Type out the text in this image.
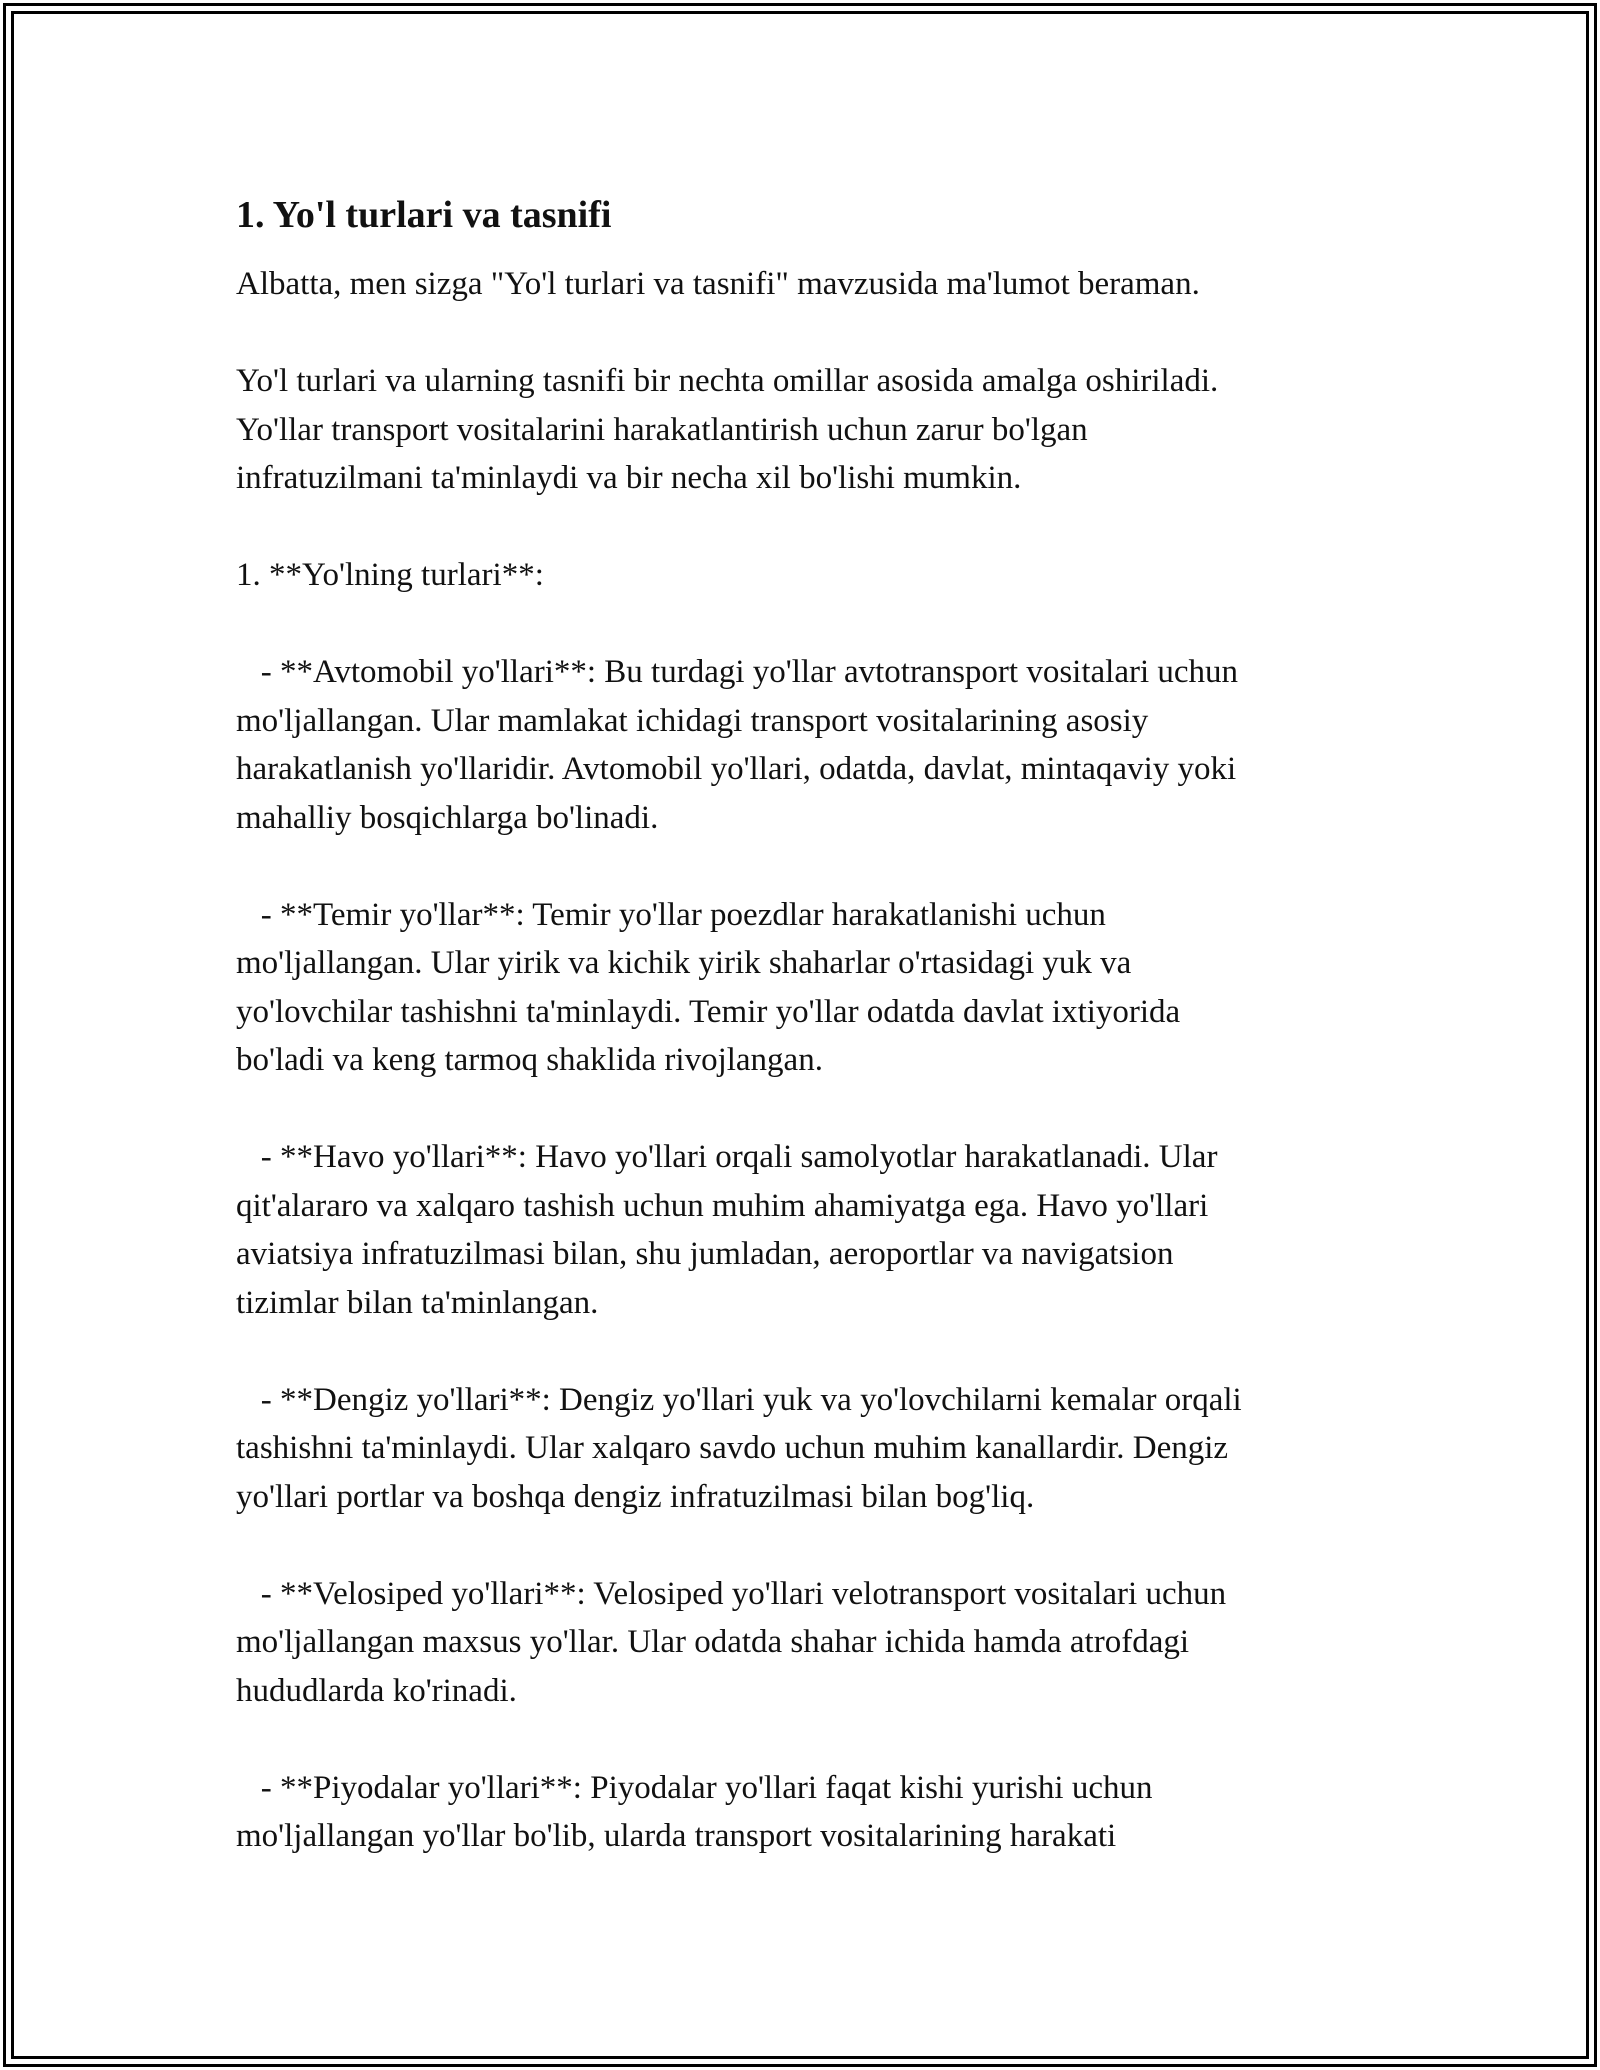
1. Yo'l turlari va tasnifi
Albatta, men sizga "Yo'l turlari va tasnifi" mavzusida ma'lumot beraman.
Yo'l turlari va ularning tasnifi bir nechta omillar asosida amalga oshiriladi.
Yo'llar transport vositalarini harakatlantirish uchun zarur bo'lgan
infratuzilmani ta'minlaydi va bir necha xil bo'lishi mumkin.
1. **Yo'lning turlari**:
- **Avtomobil yo'llari**: Bu turdagi yo'llar avtotransport vositalari uchun
mo'ljallangan. Ular mamlakat ichidagi transport vositalarining asosiy
harakatlanish yo'llaridir. Avtomobil yo'llari, odatda, davlat, mintaqaviy yoki
mahalliy bosqichlarga bo'linadi.
- **Temir yo'llar**: Temir yo'llar poezdlar harakatlanishi uchun
mo'ljallangan. Ular yirik va kichik yirik shaharlar o'rtasidagi yuk va
yo'lovchilar tashishni ta'minlaydi. Temir yo'llar odatda davlat ixtiyorida
bo'ladi va keng tarmoq shaklida rivojlangan.
- **Havo yo'llari**: Havo yo'llari orqali samolyotlar harakatlanadi. Ular
qit'alararo va xalqaro tashish uchun muhim ahamiyatga ega. Havo yo'llari
aviatsiya infratuzilmasi bilan, shu jumladan, aeroportlar va navigatsion
tizimlar bilan ta'minlangan.
- **Dengiz yo'llari**: Dengiz yo'llari yuk va yo'lovchilarni kemalar orqali
tashishni ta'minlaydi. Ular xalqaro savdo uchun muhim kanallardir. Dengiz
yo'llari portlar va boshqa dengiz infratuzilmasi bilan bog'liq.
- **Velosiped yo'llari**: Velosiped yo'llari velotransport vositalari uchun
mo'ljallangan maxsus yo'llar. Ular odatda shahar ichida hamda atrofdagi
hududlarda ko'rinadi.
- **Piyodalar yo'llari**: Piyodalar yo'llari faqat kishi yurishi uchun
mo'ljallangan yo'llar bo'lib, ularda transport vositalarining harakati
